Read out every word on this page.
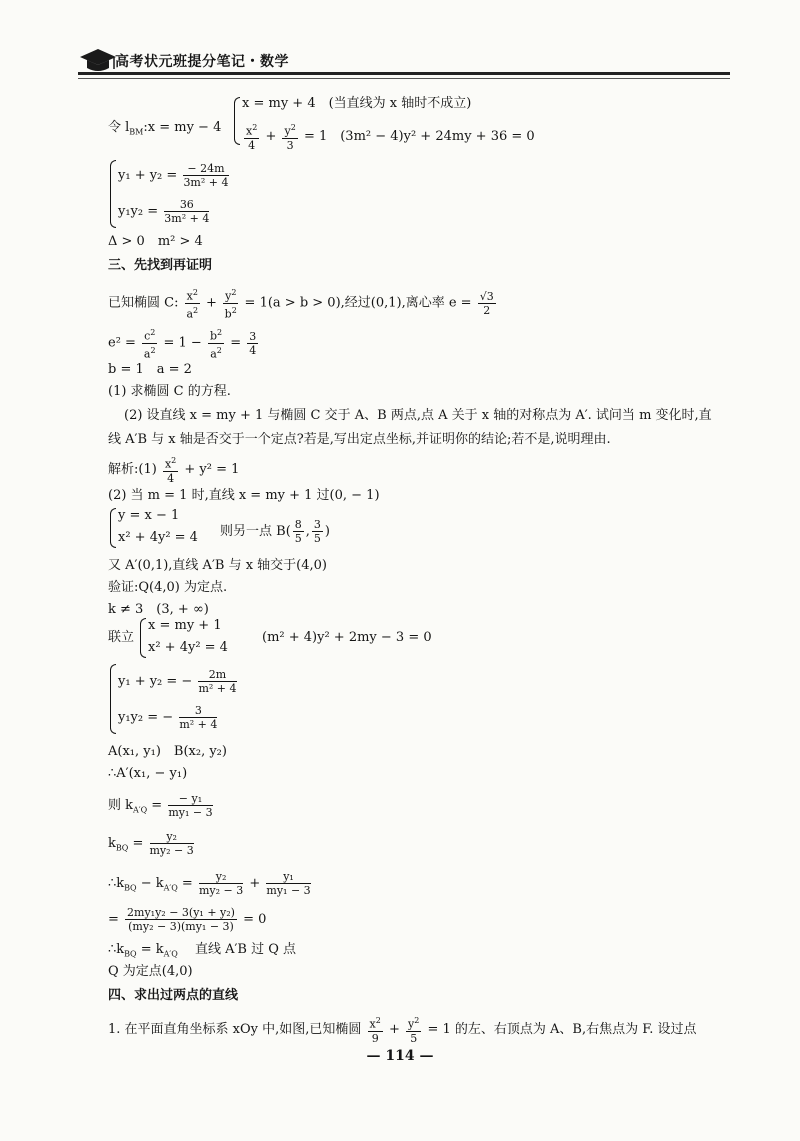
高考状元班提分笔记・数学
令 $l_{BM}:x$ = my − 4
x = my + 4　(当直线为 x 轴时不成立)
$\frac{x^2}{4} + \frac{y^2}{3} = 1$　(3m² − 4)y² + 24my + 36 = 0
$y_1 + y_2 = \frac{- 24m}{\text{3m² + 4}}$
$y_1y_2 = \frac{36}{\text{3m² + 4}}$
Δ > 0　m² > 4
三、先找到再证明
已知椭圆 C: $\frac{x^2}{a^2} + \frac{y^2}{b^2} = 1(a > b > 0)$,经过(0,1),离心率 $e = \frac{√3}{2}$
$e^2 = \frac{c^2}{a^2} = 1 - \frac{b^2}{a^2} = \frac{3}{4}$
b = 1　a = 2
(1) 求椭圆 C 的方程.
(2) 设直线 x = my + 1 与椭圆 C 交于 A、B 两点,点 A 关于 x 轴的对称点为 A′. 试问当 m 变化时,直
线 A′B 与 x 轴是否交于一个定点?若是,写出定点坐标,并证明你的结论;若不是,说明理由.
解析:(1) $\frac{x^2}{4} + y^2 = 1$
(2) 当 m = 1 时,直线 x = my + 1 过(0, − 1)
y = x − 1
x² + 4y² = 4 则另一点 $B( \frac{8}{5}$ , $\frac{3}{5}$ )
又 A′(0,1),直线 A′B 与 x 轴交于(4,0)
验证:Q(4,0) 为定点.
k ≠ 3　(3, + ∞)
联立
x = my + 1
x² + 4y² = 4
(m² + 4)y² + 2my − 3 = 0
y₁ + y₂ = − $\frac{2m}{\text{m² + 4}}$
y₁y₂ = − $\frac{3}{\text{m² + 4}}$
A(x₁, y₁)　B(x₂, y₂)
∴A′(x₁, − y₁)
则 $k_{A'Q} = \frac{\text{− y₁}}{\text{my₁ − 3}}$
$k_{BQ} = \frac{\text{y₂}}{\text{my₂ − 3}}$
$\therefore k_{BQ} - k_{A'Q} = \frac{\text{y₂}}{\text{my₂ − 3}} + \frac{\text{y₁}}{\text{my₁ − 3}}$
= $\frac{\text{2my₁y₂ − 3(y₁ + y₂)}}{\text{(my₂ − 3)(my₁ − 3)}} = 0$
$\therefore k_{BQ} = k_{A'Q}$　 直线 A′B 过 Q 点
Q 为定点(4,0)
四、求出过两点的直线
1. 在平面直角坐标系 xOy 中,如图,已知椭圆 $\frac{x^2}{9} + \frac{y^2}{5} = 1$ 的左、右顶点为 A、B,右焦点为 F. 设过点
— 114 —
